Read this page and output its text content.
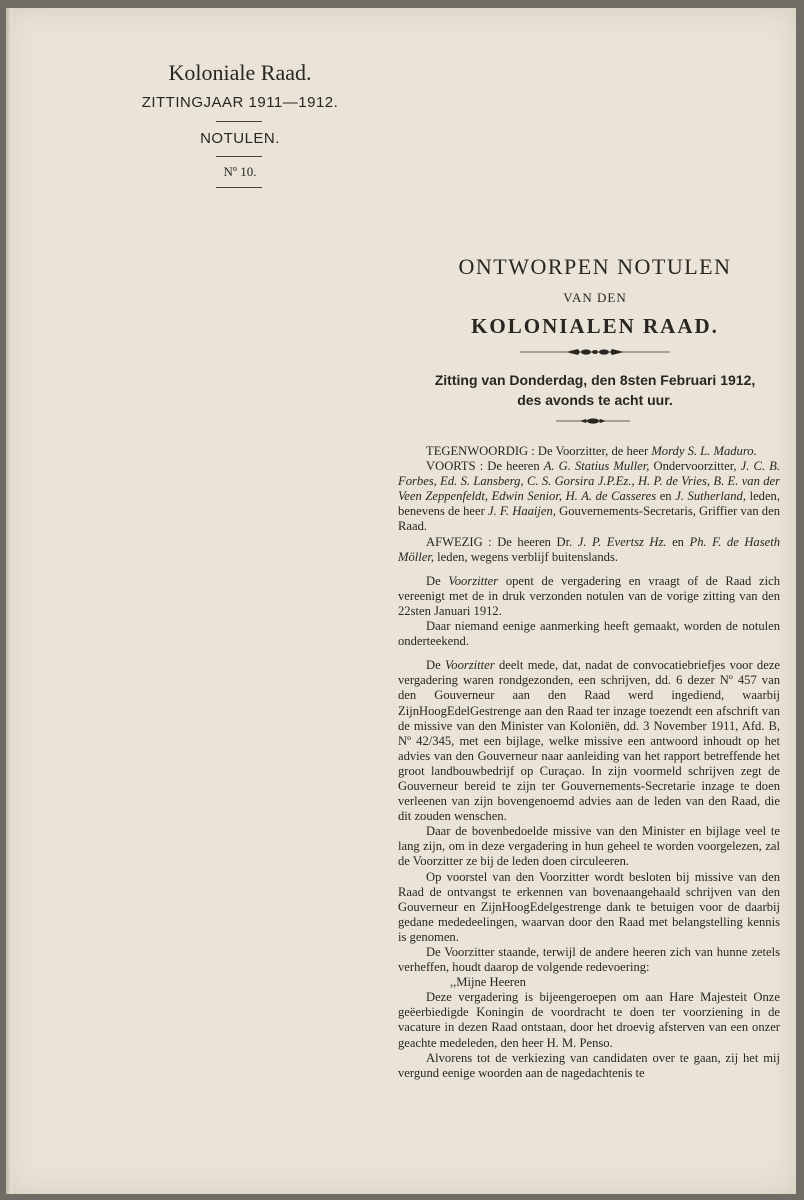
Koloniale Raad.
ZITTINGJAAR 1911—1912.
NOTULEN.
Nº 10.
ONTWORPEN NOTULEN
VAN DEN
KOLONIALEN RAAD.
Zitting van Donderdag, den 8sten Februari 1912,
des avonds te acht uur.

TEGENWOORDIG : De Voorzitter, de heer Mordy S. L. Maduro.

VOORTS : De heeren A. G. Statius Muller, Ondervoorzitter, J. C. B. Forbes, Ed. S. Lansberg, C. S. Gorsira J.P.Ez., H. P. de Vries, B. E. van der Veen Zeppenfeldt, Edwin Senior, H. A. de Casseres en J. Sutherland, leden, benevens de heer J. F. Haaijen, Gouvernements-Secretaris, Griffier van den Raad.

AFWEZIG : De heeren Dr. J. P. Evertsz Hz. en Ph. F. de Haseth Möller, leden, wegens verblijf buitenslands.

De Voorzitter opent de vergadering en vraagt of de Raad zich vereenigt met de in druk verzonden notulen van de vorige zitting van den 22sten Januari 1912.

Daar niemand eenige aanmerking heeft gemaakt, worden de notulen onderteekend.

De Voorzitter deelt mede, dat, nadat de convocatiebriefjes voor deze vergadering waren rondgezonden, een schrijven, dd. 6 dezer Nº 457 van den Gouverneur aan den Raad werd ingediend, waarbij ZijnHoogEdelGestrenge aan den Raad ter inzage toezendt een afschrift van de missive van den Minister van Koloniën, dd. 3 November 1911, Afd. B, Nº 42/345, met een bijlage, welke missive een antwoord inhoudt op het advies van den Gouverneur naar aanleiding van het rapport betreffende het groot landbouwbedrijf op Curaçao. In zijn voormeld schrijven zegt de Gouverneur bereid te zijn ter Gouvernements-Secretarie inzage te doen verleenen van zijn bovengenoemd advies aan de leden van den Raad, die dit zouden wenschen.

Daar de bovenbedoelde missive van den Minister en bijlage veel te lang zijn, om in deze vergadering in hun geheel te worden voorgelezen, zal de Voorzitter ze bij de leden doen circuleeren.

Op voorstel van den Voorzitter wordt besloten bij missive van den Raad de ontvangst te erkennen van bovenaangehaald schrijven van den Gouverneur en ZijnHoogEdelgestrenge dank te betuigen voor de daarbij gedane mededeelingen, waarvan door den Raad met belangstelling kennis is genomen.

De Voorzitter staande, terwijl de andere heeren zich van hunne zetels verheffen, houdt daarop de volgende redevoering:

,,Mijne Heeren

Deze vergadering is bijeengeroepen om aan Hare Majesteit Onze geëerbiedigde Koningin de voordracht te doen ter voorziening in de vacature in dezen Raad ontstaan, door het droevig afsterven van een onzer geachte medeleden, den heer H. M. Penso.

Alvorens tot de verkiezing van candidaten over te gaan, zij het mij vergund eenige woorden aan de nagedachtenis te
